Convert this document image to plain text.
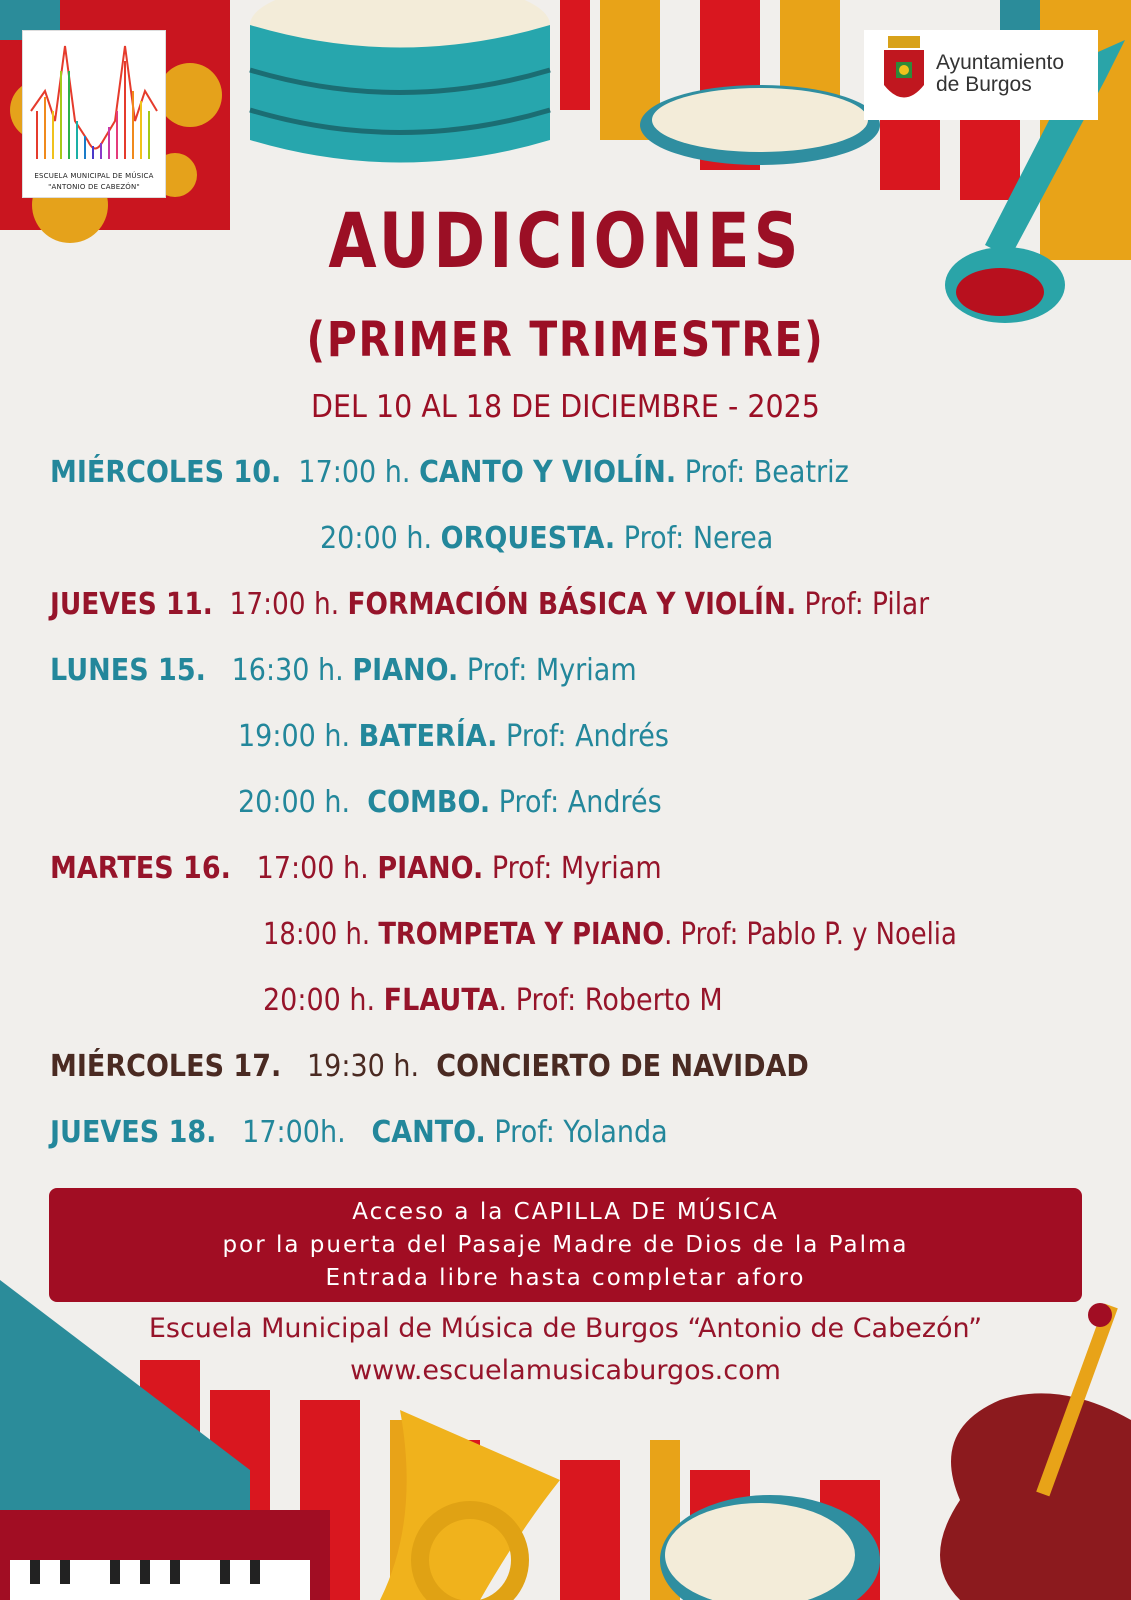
ESCUELA MUNICIPAL DE MÚSICA
"ANTONIO DE CABEZÓN"
Ayuntamiento
de Burgos
AUDICIONES
(PRIMER TRIMESTRE)
DEL 10 AL 18 DE DICIEMBRE - 2025
MIÉRCOLES 10. 17:00 h. CANTO Y VIOLÍN. Prof: Beatriz
20:00 h. ORQUESTA. Prof: Nerea
JUEVES 11. 17:00 h. FORMACIÓN BÁSICA Y VIOLÍN. Prof: Pilar
LUNES 15. 16:30 h. PIANO. Prof: Myriam
19:00 h. BATERÍA. Prof: Andrés
20:00 h. COMBO. Prof: Andrés
MARTES 16. 17:00 h. PIANO. Prof: Myriam
18:00 h. TROMPETA Y PIANO. Prof: Pablo P. y Noelia
20:00 h. FLAUTA. Prof: Roberto M
MIÉRCOLES 17. 19:30 h. CONCIERTO DE NAVIDAD
JUEVES 18. 17:00h. CANTO. Prof: Yolanda
Acceso a la CAPILLA DE MÚSICA
por la puerta del Pasaje Madre de Dios de la Palma
Entrada libre hasta completar aforo
Escuela Municipal de Música de Burgos “Antonio de Cabezón”
www.escuelamusicaburgos.com
